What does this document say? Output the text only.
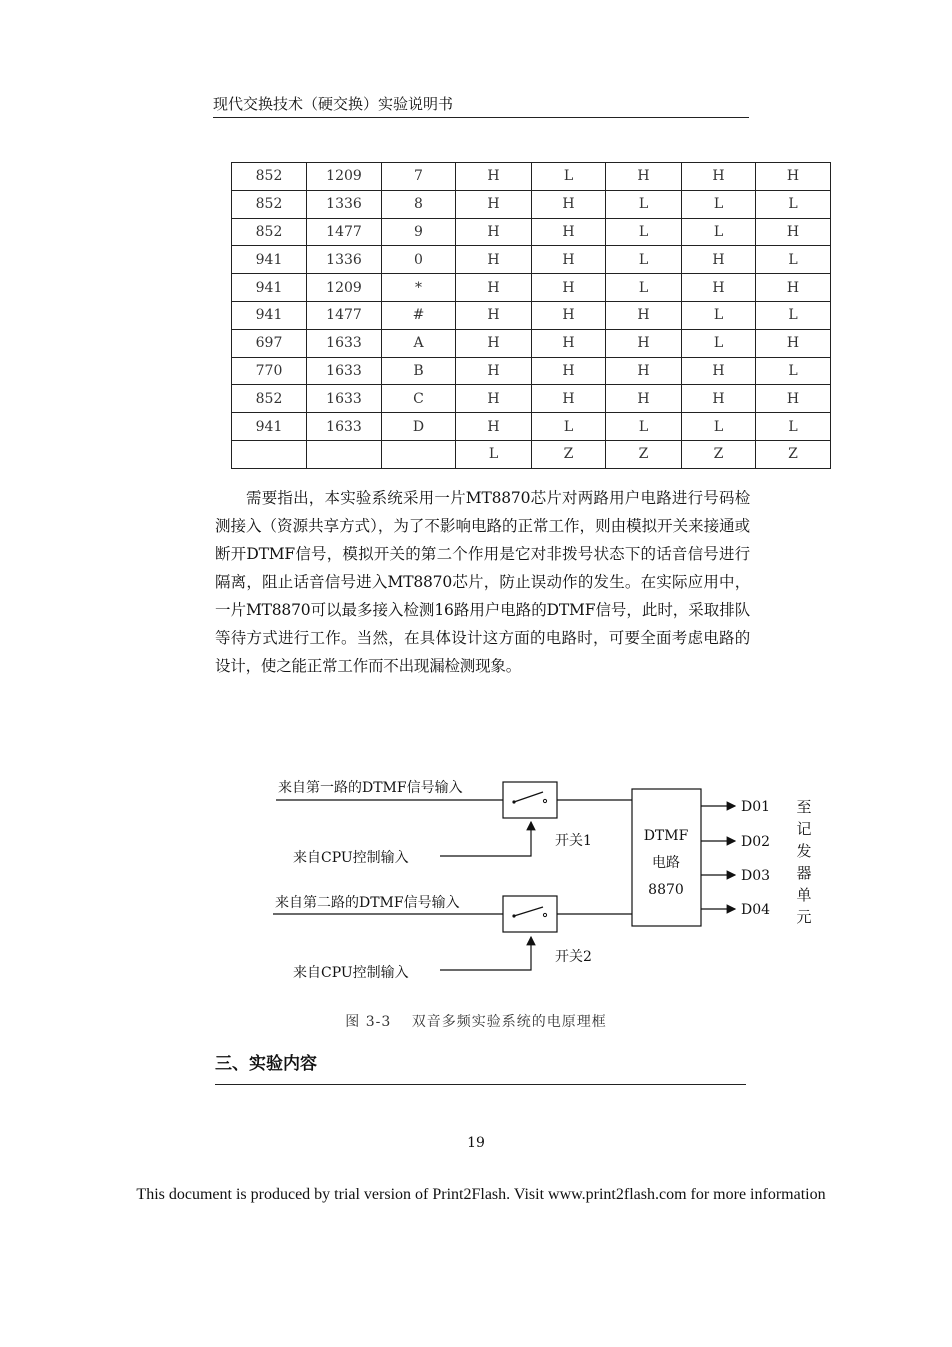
现代交换技术（硬交换）实验说明书
852	1209	7	H	L	H	H	H
852	1336	8	H	H	L	L	L
852	1477	9	H	H	L	L	H
941	1336	0	H	H	L	H	L
941	1209	*	H	H	L	H	H
941	1477	#	H	H	H	L	L
697	1633	A	H	H	H	L	H
770	1633	B	H	H	H	H	L
852	1633	C	H	H	H	H	H
941	1633	D	H	L	L	L	L
			L	Z	Z	Z	Z
需要指出，本实验系统采用一片MT8870芯片对两路用户电路进行号码检测接入（资源共享方式），为了不影响电路的正常工作，则由模拟开关来接通或断开DTMF信号，模拟开关的第二个作用是它对非拨号状态下的话音信号进行隔离，阻止话音信号进入MT8870芯片，防止误动作的发生。在实际应用中，一片MT8870可以最多接入检测16路用户电路的DTMF信号，此时，采取排队等待方式进行工作。当然，在具体设计这方面的电路时，可要全面考虑电路的设计，使之能正常工作而不出现漏检测现象。
来自第一路的DTMF信号输入
开关1
来自CPU控制输入
来自第二路的DTMF信号输入
开关2
来自CPU控制输入
DTMF
电路
8870
D01
D02
D03
D04
至
记
发
器
单
元
图 3-3　 双音多频实验系统的电原理框
三、实验内容
19
This document is produced by trial version of Print2Flash. Visit www.print2flash.com for more information
